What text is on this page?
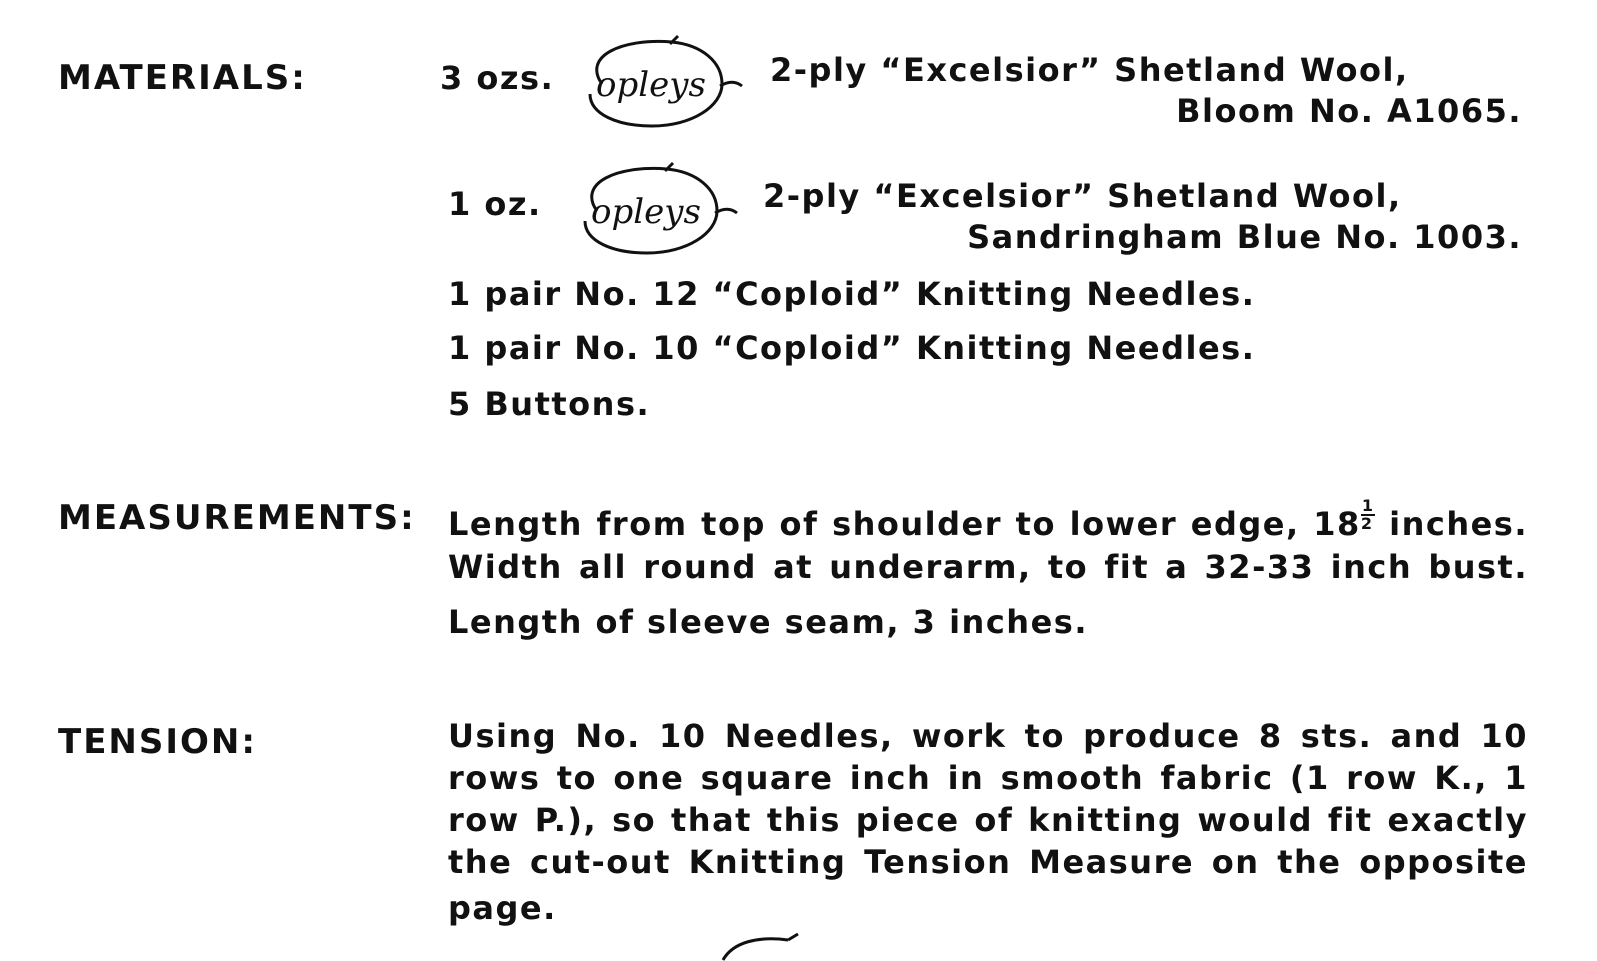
MATERIALS:	3 ozs. opleys 2-ply “Excelsior” Shetland Wool,
Bloom No. A1065.
1 oz. opleys 2-ply “Excelsior” Shetland Wool,
Sandringham Blue No. 1003.
1 pair No. 12 “Coploid” Knitting Needles.
1 pair No. 10 “Coploid” Knitting Needles.
5 Buttons.
MEASUREMENTS: Length from top of shoulder to lower edge, $18 \frac{1}{2}$ inches.
Width all round at underarm, to fit a 32-33 inch bust.
Length of sleeve seam, 3 inches.
TENSION:	Using No. 10 Needles, work to produce 8 sts. and 10
rows to one square inch in smooth fabric (1 row K., 1
row P.), so that this piece of knitting would fit exactly
the cut-out Knitting Tension Measure on the opposite
page.
